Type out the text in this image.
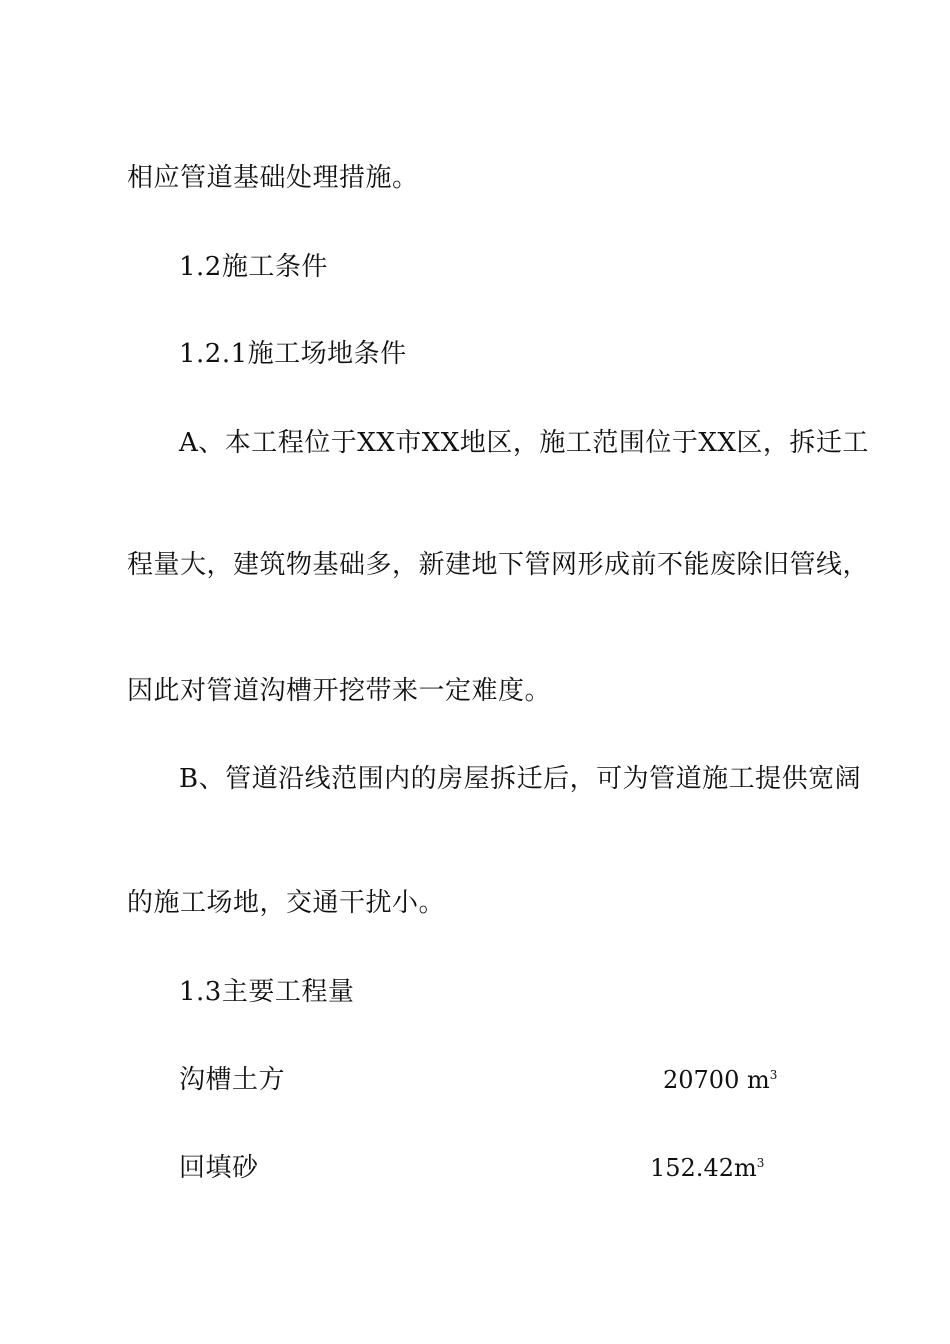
相应管道基础处理措施。
1.2施工条件
1.2.1施工场地条件
A、本工程位于XX市XX地区，施工范围位于XX区，拆迁工
程量大，建筑物基础多，新建地下管网形成前不能废除旧管线，
因此对管道沟槽开挖带来一定难度。
B、管道沿线范围内的房屋拆迁后，可为管道施工提供宽阔
的施工场地，交通干扰小。
1.3主要工程量
沟槽土方	20700 $m^3$
回填砂	$152.42m^3$
